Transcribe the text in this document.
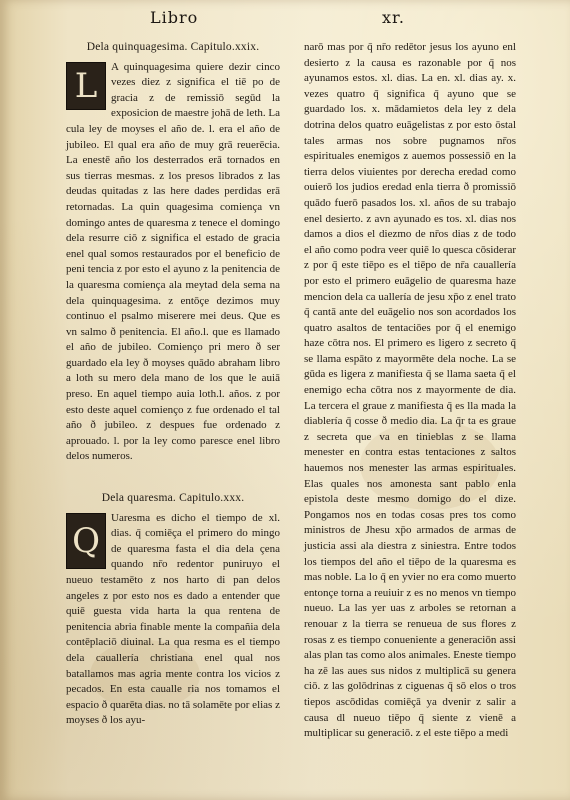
Libro	xr.

Dela quinquagesima. Capitulo.xxix.

L	A quinquagesima quiere dezir cinco vezes diez z significa el tiē po de gracia z de remissiō segūd la exposicion de maestre johā de leth. La cula ley de moyses el año de. l. era el año de jubileo. El qual era año de muy grā reuerēcia. La enestē año los desterrados erā tornados en sus tierras mesmas. z los presos librados z las deudas quitadas z las here dades perdidas erā retornadas. La quin quagesima comiença vn domingo antes de quaresma z tenece el domingo dela resurre ciō z significa el estado de gracia enel qual somos restaurados por el beneficio de peni tencia z por esto el ayuno z la penitencia de la quaresma comiença ala meytad dela sema na dela quinquagesima. z entōçe dezimos muy continuo el psalmo miserere mei deus. Que es vn salmo ð penitencia. El año.l. que es llamado el año de jubileo. Comienço pri mero ð ser guardado ela ley ð moyses quādo abraham libro a loth su mero dela mano de los que le auiā preso. En aquel tiempo auia loth.l. años. z por esto deste aquel comienço z fue ordenado el tal año ð jubileo. z despues fue ordenado z aprouado. l. por la ley como paresce enel libro delos numeros.

Dela quaresma. Capitulo.xxx.

Q
Uaresma es dicho el tiempo de xl. dias. q̄ comiēça el primero do mingo de quaresma fasta el dia dela çena quando nr̄o redentor puniruyo el nueuo testamēto z nos harto di pan delos angeles z por esto nos es dado a entender que quiē guesta vida harta la qua rentena de penitencia abria finable mente la compañia dela contēplaciō diuinal. La qua resma es el tiempo dela cauallería christiana enel qual nos batallamos mas agria mente contra los vicios z pecados. En esta caualle ria nos tomamos el espacio ð quarēta dias. no tā solamēte por elias z moyses ð los ayu-

narō mas por q̄ nr̄o redētor jesus los ayuno enl desierto z la causa es razonable por q̄ nos ayunamos estos. xl. dias. La en. xl. dias ay. x. vezes quatro q̄ significa q̄ ayuno que se guardado los. x. mādamietos dela ley z dela dotrina delos quatro euāgelistas z por esto ōstal tales armas nos sobre pugnamos nr̄os espirituales enemigos z auemos possessiō en la tierra delos viuientes por derecha eredad como ouierō los judios eredad enla tierra ð promissiō quādo fuerō pasados los. xl. años de su trabajo enel desierto. z avn ayunado es tos. xl. dias nos damos a dios el diezmo de nr̄os dias z de todo el año como podra veer quiē lo quesca cōsiderar z por q̄ este tiēpo es el tiēpo de nr̄a cauallería por esto el primero euāgelio de quaresma haze mencion dela ca uallería de jesu xp̄o z enel trato q̄ cantā ante del euāgelio nos son acordados los quatro asaltos de tentaciōes por q̄ el enemigo haze cōtra nos. El primero es ligero z secreto q̄ se llama espāto z mayormēte dela noche. La se gūda es ligera z manifiesta q̄ se llama saeta q̄ el enemigo echa cōtra nos z mayormente de dia. La tercera el graue z manifiesta q̄ es lla mada la diablería q̄ cosse ð medio dia. La q̄r ta es graue z secreta que va en tinieblas z se llama menester en contra estas tentaciones z saltos hauemos nos menester las armas espirituales. Elas quales nos amonesta sant pablo enla epistola deste mesmo domigo do el dize. Pongamos nos en todas cosas pres tos como ministros de Jhesu xp̄o armados de armas de justicia assi ala diestra z siniestra. Entre todos los tiempos del año el tiēpo de la quaresma es mas noble. La lo q̄ en yvier no era como muerto entonçe torna a reuiuir z es no menos vn tiempo nueuo. La las yer uas z arboles se retornan a renouar z la tierra se renueua de sus flores z rosas z es tiempo conueniente a generaciōn assi alas plan tas como alos animales. Eneste tiempo ha zē las aues sus nidos z multiplicā su genera ciō. z las golōdrinas z ciguenas q̄ sō elos o tros tiepos ascōdidas comiēçā ya dvenir z salir a causa dl nueuo tiēpo q̄ siente z vienē a multiplicar su generaciō. z el este tiēpo a medi
